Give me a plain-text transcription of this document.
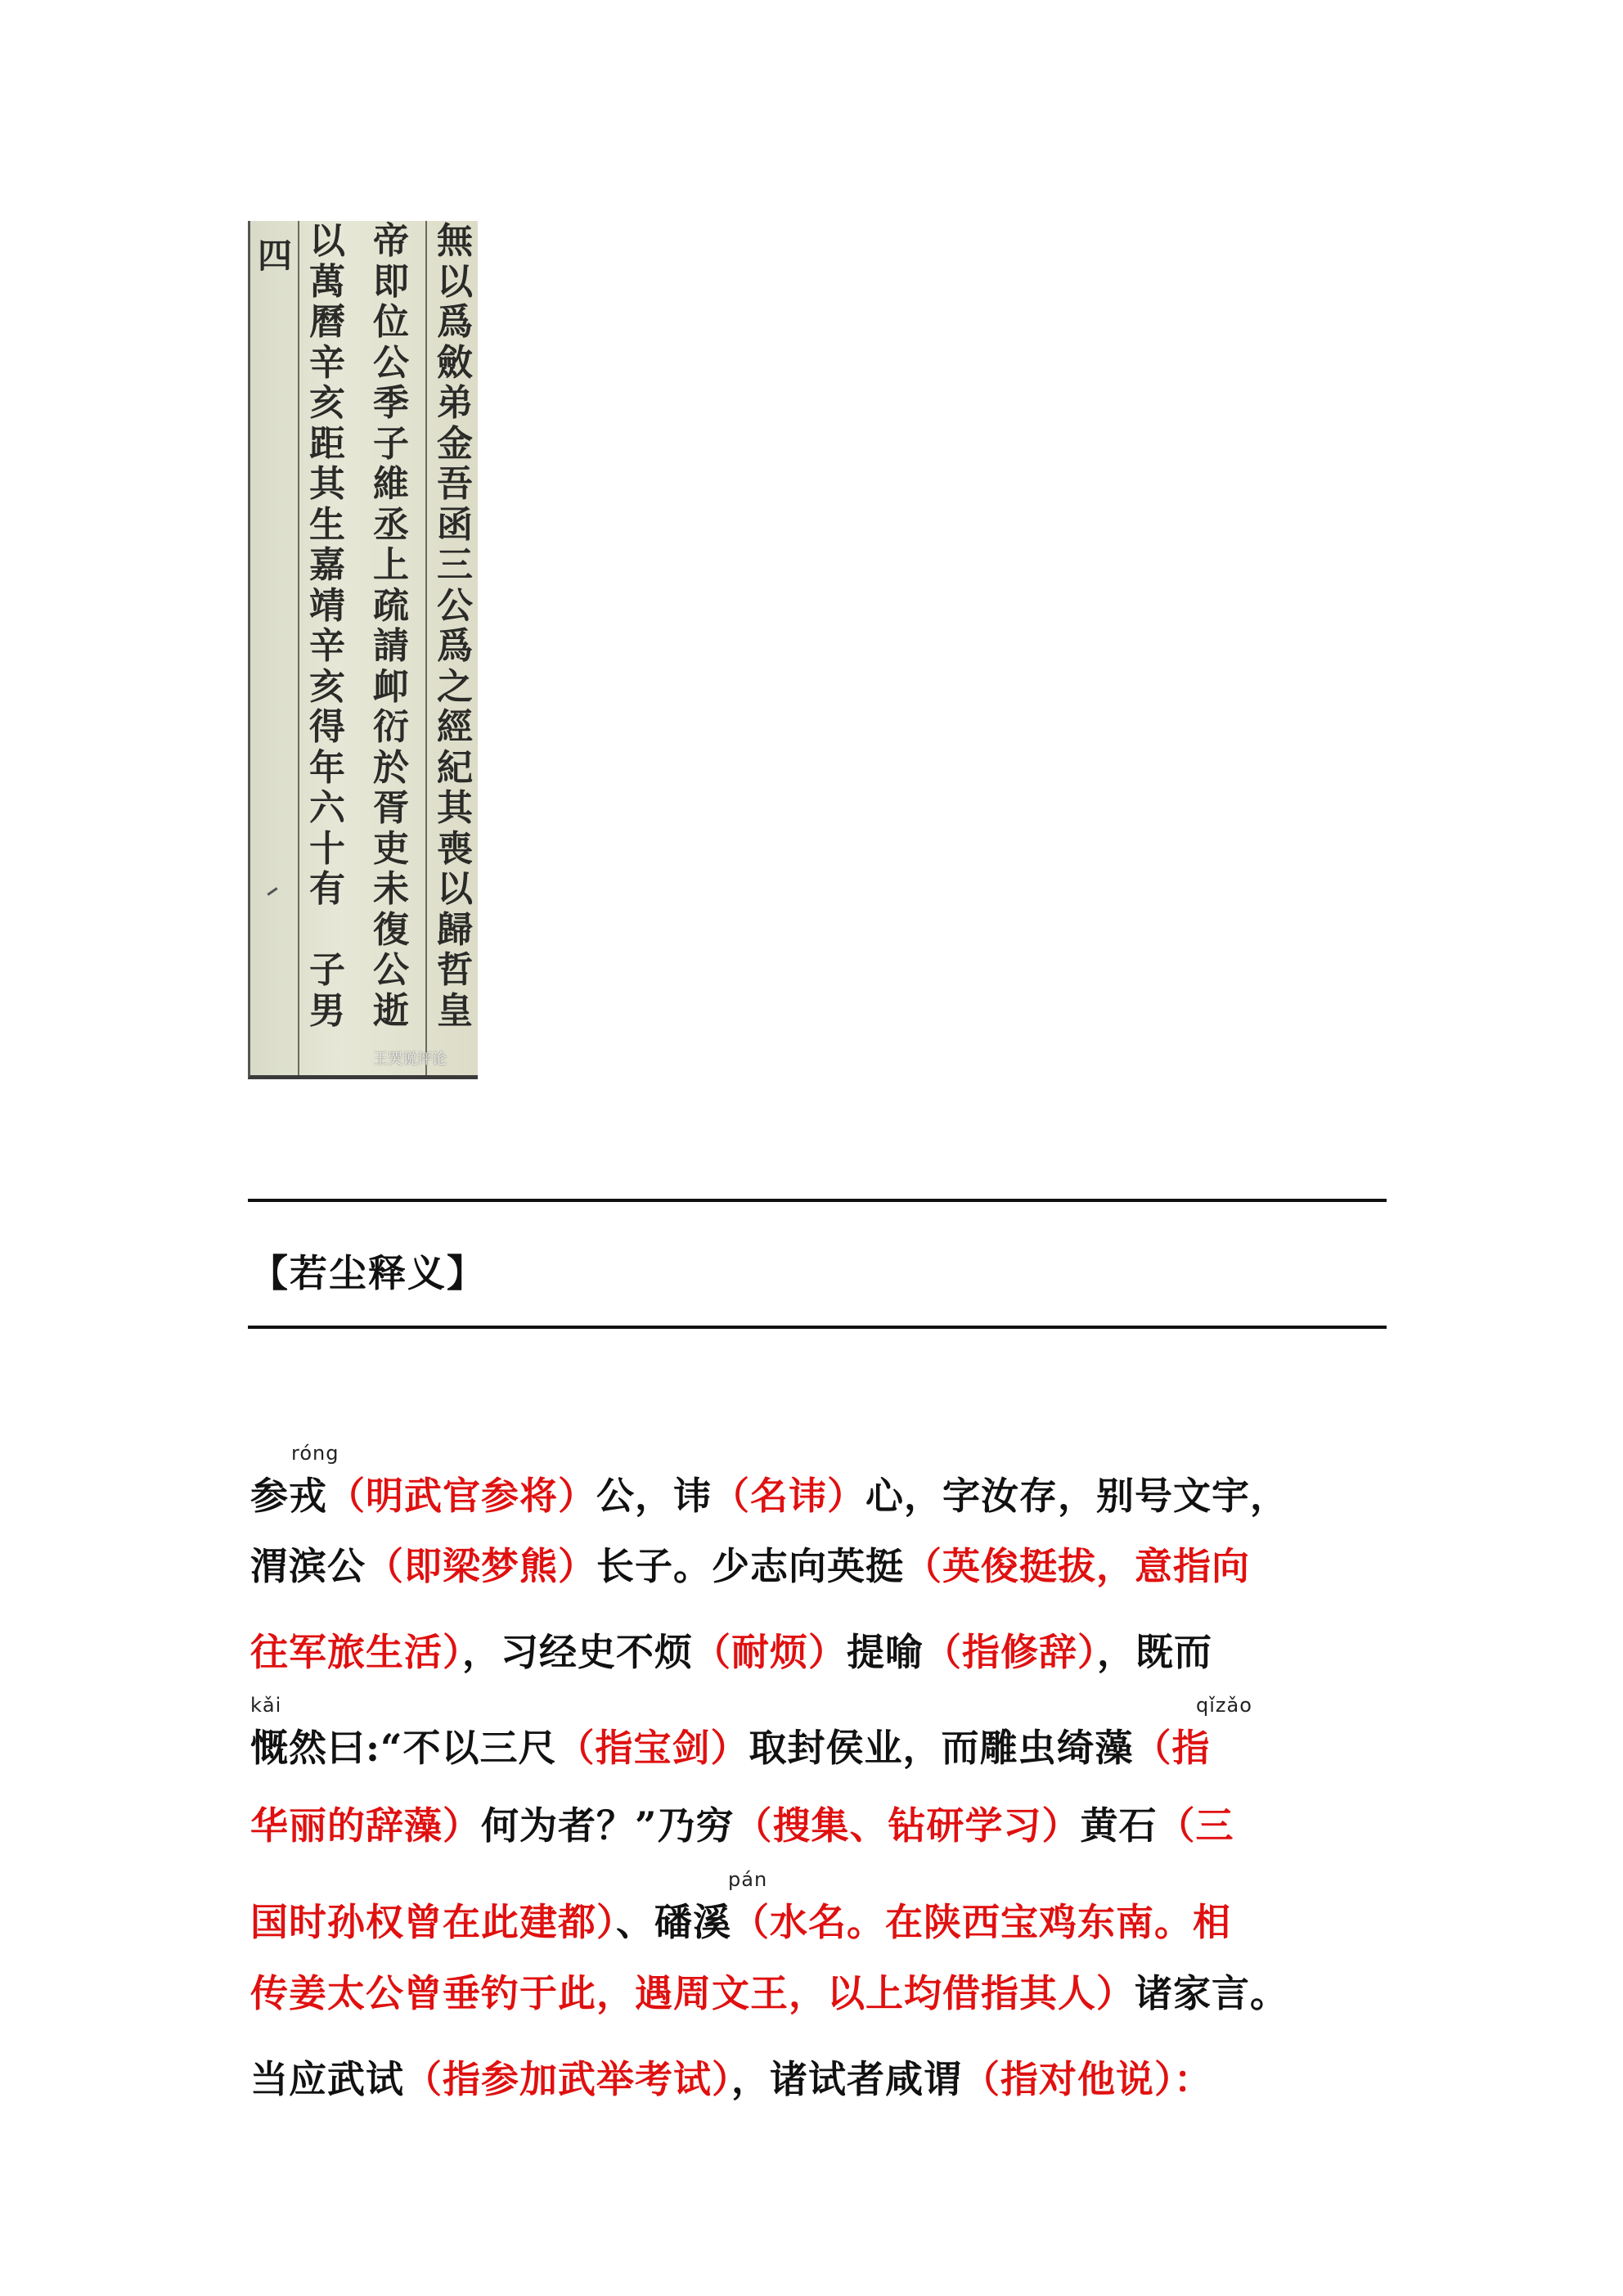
四	無
以
爲
斂
弟
金
吾
函
三
公
爲
之
經
紀
其
喪
以
歸
哲
皇
帝
即
位
公
季
子
維
丞
上
疏
請
卹
𧗠
於
胥
吏
未
復
公
逝
以
萬
曆
辛
亥
距
其
生
嘉
靖
辛
亥
得
年
六
十
有

子
男
王哭说评论
【若尘释义】
róng
kǎi	qǐzǎo
pán
参戎（明武官参将）公，讳（名讳）心，字汝存，别号文宇，
渭滨公（即梁梦熊）长子。少志向英挺（英俊挺拔，意指向
往军旅生活），习经史不烦（耐烦）提喻（指修辞），既而
慨然曰:“不以三尺（指宝剑）取封侯业，而雕虫绮藻（指
华丽的辞藻）何为者？”乃穷（搜集、钻研学习）黄石（三
国时孙权曾在此建都）、磻溪（水名。在陕西宝鸡东南。相
传姜太公曾垂钓于此，遇周文王，以上均借指其人）诸家言。
当应武试（指参加武举考试），诸试者咸谓（指对他说）：
